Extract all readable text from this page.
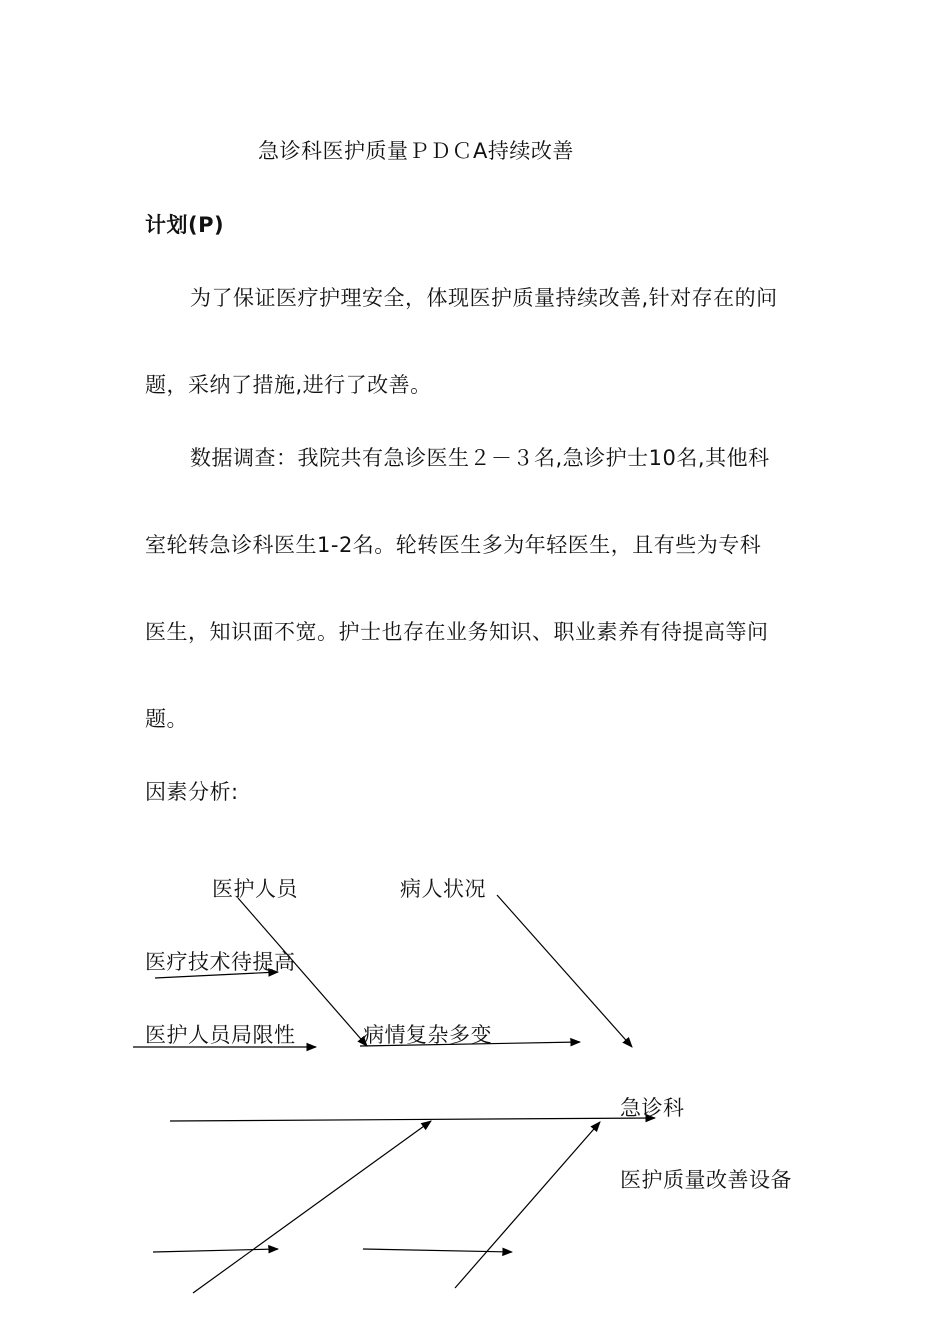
急诊科医护质量ＰＤＣA持续改善
计划(P)
为了保证医疗护理安全，体现医护质量持续改善,针对存在的问
题，采纳了措施,进行了改善。
数据调查：我院共有急诊医生２－３名,急诊护士10名,其他科
室轮转急诊科医生1-2名。轮转医生多为年轻医生，且有些为专科
医生，知识面不宽。护士也存在业务知识、职业素养有待提高等问
题。
因素分析:
医护人员	病人状况
医疗技术待提高
医护人员局限性	病情复杂多变
急诊科
医护质量改善设备
